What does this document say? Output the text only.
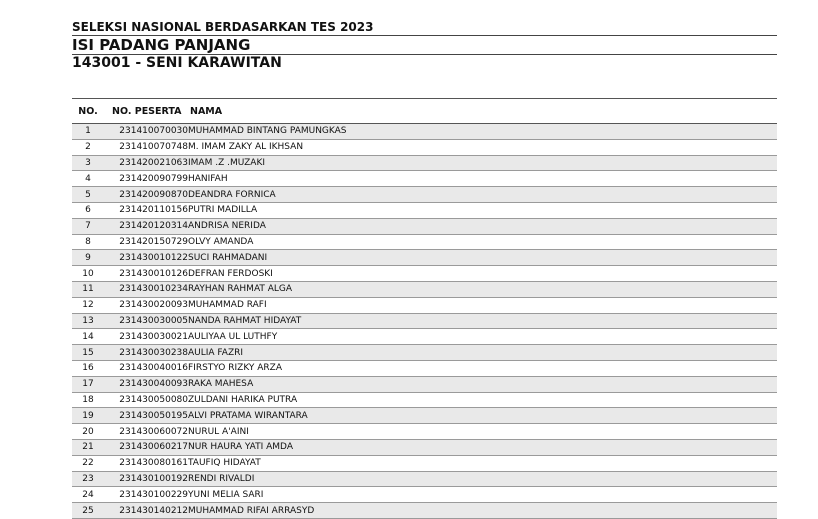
SELEKSI NASIONAL BERDASARKAN TES 2023
ISI PADANG PANJANG
143001 - SENI KARAWITAN
NO.	NO. PESERTA	NAMA
1	231410070030	MUHAMMAD BINTANG PAMUNGKAS
2	231410070748	M. IMAM ZAKY AL IKHSAN
3	231420021063	IMAM .Z .MUZAKI
4	231420090799	HANIFAH
5	231420090870	DEANDRA FORNICA
6	231420110156	PUTRI MADILLA
7	231420120314	ANDRISA NERIDA
8	231420150729	OLVY AMANDA
9	231430010122	SUCI RAHMADANI
10	231430010126	DEFRAN FERDOSKI
11	231430010234	RAYHAN RAHMAT ALGA
12	231430020093	MUHAMMAD RAFI
13	231430030005	NANDA RAHMAT HIDAYAT
14	231430030021	AULIYAA UL LUTHFY
15	231430030238	AULIA FAZRI
16	231430040016	FIRSTYO RIZKY ARZA
17	231430040093	RAKA MAHESA
18	231430050080	ZULDANI HARIKA PUTRA
19	231430050195	ALVI PRATAMA WIRANTARA
20	231430060072	NURUL A'AINI
21	231430060217	NUR HAURA YATI AMDA
22	231430080161	TAUFIQ HIDAYAT
23	231430100192	RENDI RIVALDI
24	231430100229	YUNI MELIA SARI
25	231430140212	MUHAMMAD RIFAI ARRASYD
